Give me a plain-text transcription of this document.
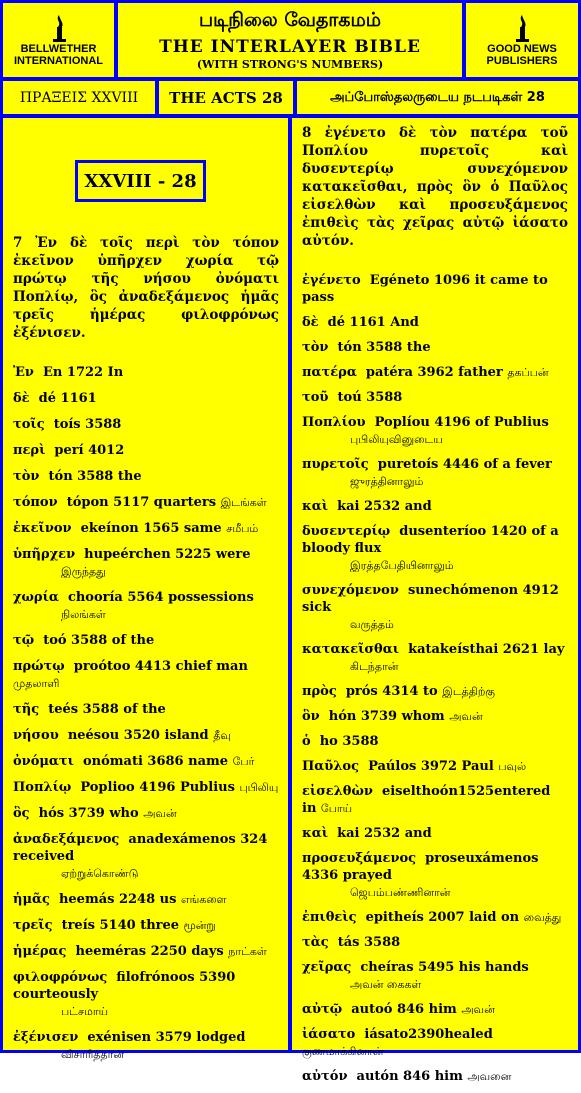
BELLWETHER
INTERNATIONAL
படிநிலை வேதாகமம்
THE INTERLAYER BIBLE
(WITH STRONG'S NUMBERS)
GOOD NEWS
PUBLISHERS
ΠΡΑΞΕΙΣ XXVIII	THE ACTS 28	அப்போஸ்தலருடைய நடபடிகள் 28
XXVIII - 28
7 Ἐν δὲ τοῖς περὶ τὸν τόπον ἐκεῖνον ὑπῆρχεν χωρία τῷ πρώτῳ τῆς νήσου ὀνόματι Ποπλίῳ, ὃς ἀναδεξάμενος ἡμᾶς τρεῖς ἡμέρας φιλοφρόνως ἐξένισεν.
Ἐν En 1722 In
δὲ dé 1161
τοῖς toís 3588
περὶ perí 4012
τὸν tón 3588 the
τόπον tópon 5117 quarters இடங்கள்
ἐκεῖνον ekeínon 1565 same சமீபம்
ὑπῆρχεν hupeérchen 5225 were
இருந்தது
χωρία chooría 5564 possessions
நிலங்கள்
τῷ toó 3588 of the
πρώτῳ proótoo 4413 chief man முதலாளி
τῆς teés 3588 of the
νήσου neésou 3520 island தீவு
ὀνόματι onómati 3686 name பேர்
Ποπλίῳ Poplioo 4196 Publius புபிலியு
ὃς hós 3739 who அவன்
ἀναδεξάμενος anadexámenos 324 received
ஏற்றுக்கொண்டு
ἡμᾶς heemás 2248 us எங்களை
τρεῖς treís 5140 three மூன்று
ἡμέρας heeméras 2250 days நாட்கள்
φιλοφρόνως filofrónoos 5390 courteously
பட்சமாய்
ἐξένισεν exénisen 3579 lodged
விசாரித்தான்
8 ἐγένετο δὲ τὸν πατέρα τοῦ Ποπλίου πυρετοῖς καὶ δυσεντερίῳ συνεχόμενον κατακεῖσθαι, πρὸς ὃν ὁ Παῦλος εἰσελθὼν καὶ προσευξάμενος ἐπιθεὶς τὰς χεῖρας αὐτῷ ἰάσατο αὐτόν.
ἐγένετο Egéneto 1096 it came to pass
δὲ dé 1161 And
τὸν tón 3588 the
πατέρα patéra 3962 father தகப்பன்
τοῦ toú 3588
Ποπλίου Poplíou 4196 of Publius
புபிலியுவினுடைய
πυρετοῖς puretoís 4446 of a fever
ஜுரத்தினாலும்
καὶ kai 2532 and
δυσεντερίῳ dusenteríoo 1420 of a bloody flux
இரத்தபேதியினாலும்
συνεχόμενον sunechómenon 4912 sick
வருத்தம்
κατακεῖσθαι katakeísthai 2621 lay
கிடந்தான்
πρὸς prós 4314 to இடத்திற்கு
ὃν hón 3739 whom அவன்
ὁ ho 3588
Παῦλος Paúlos 3972 Paul பவுல்
εἰσελθὼν eiselthoón1525entered in போய்
καὶ kai 2532 and
προσευξάμενος proseuxámenos 4336 prayed
ஜெபம்பண்ணினான்
ἐπιθεὶς epitheís 2007 laid on வைத்து
τὰς tás 3588
χεῖρας cheíras 5495 his hands
அவன் கைகள்
αὐτῷ autoó 846 him அவன்
ἰάσατο iásato2390healed குணமாக்கினான்
αὐτόν autón 846 him அவனை
